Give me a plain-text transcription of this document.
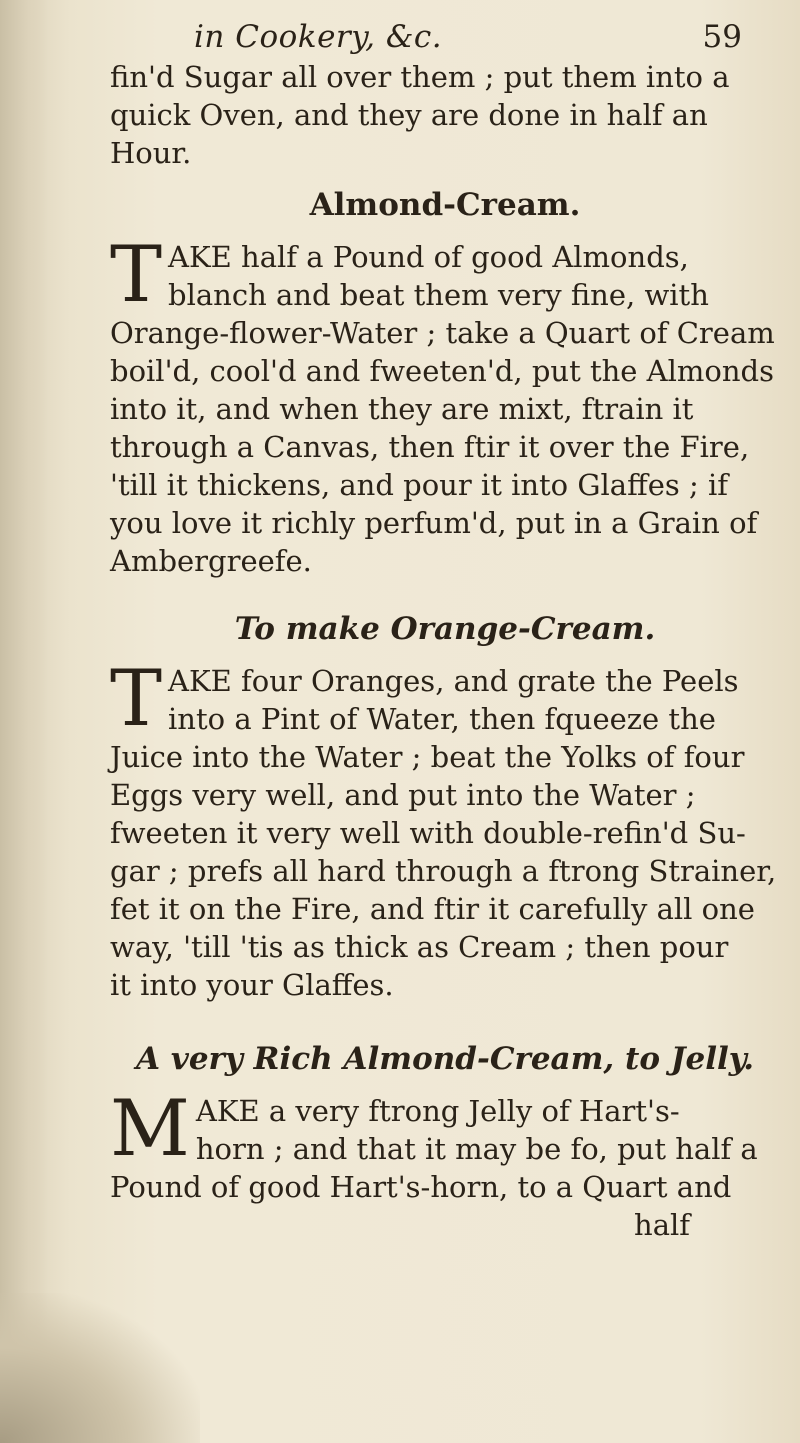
in Cookery, &c.	59

fin'd Sugar all over them ; put them into a
quick Oven, and they are done in half an
Hour.

Almond-Cream.
T AKE half a Pound of good Almonds,
blanch and beat them very fine, with
Orange-flower-Water ; take a Quart of Cream
boil'd, cool'd and fweeten'd, put the Almonds
into it, and when they are mixt, ftrain it
through a Canvas, then ftir it over the Fire,
'till it thickens, and pour it into Glaffes ; if
you love it richly perfum'd, put in a Grain of
Ambergreefe.
To make Orange-Cream.
T AKE four Oranges, and grate the Peels
into a Pint of Water, then fqueeze the
Juice into the Water ; beat the Yolks of four
Eggs very well, and put into the Water ;
fweeten it very well with double-refin'd Su-
gar ; prefs all hard through a ftrong Strainer,
fet it on the Fire, and ftir it carefully all one
way, 'till 'tis as thick as Cream ; then pour
it into your Glaffes.
A very Rich Almond-Cream, to Jelly.
M AKE a very ftrong Jelly of Hart's-
horn ; and that it may be fo, put half a
Pound of good Hart's-horn, to a Quart and
half
